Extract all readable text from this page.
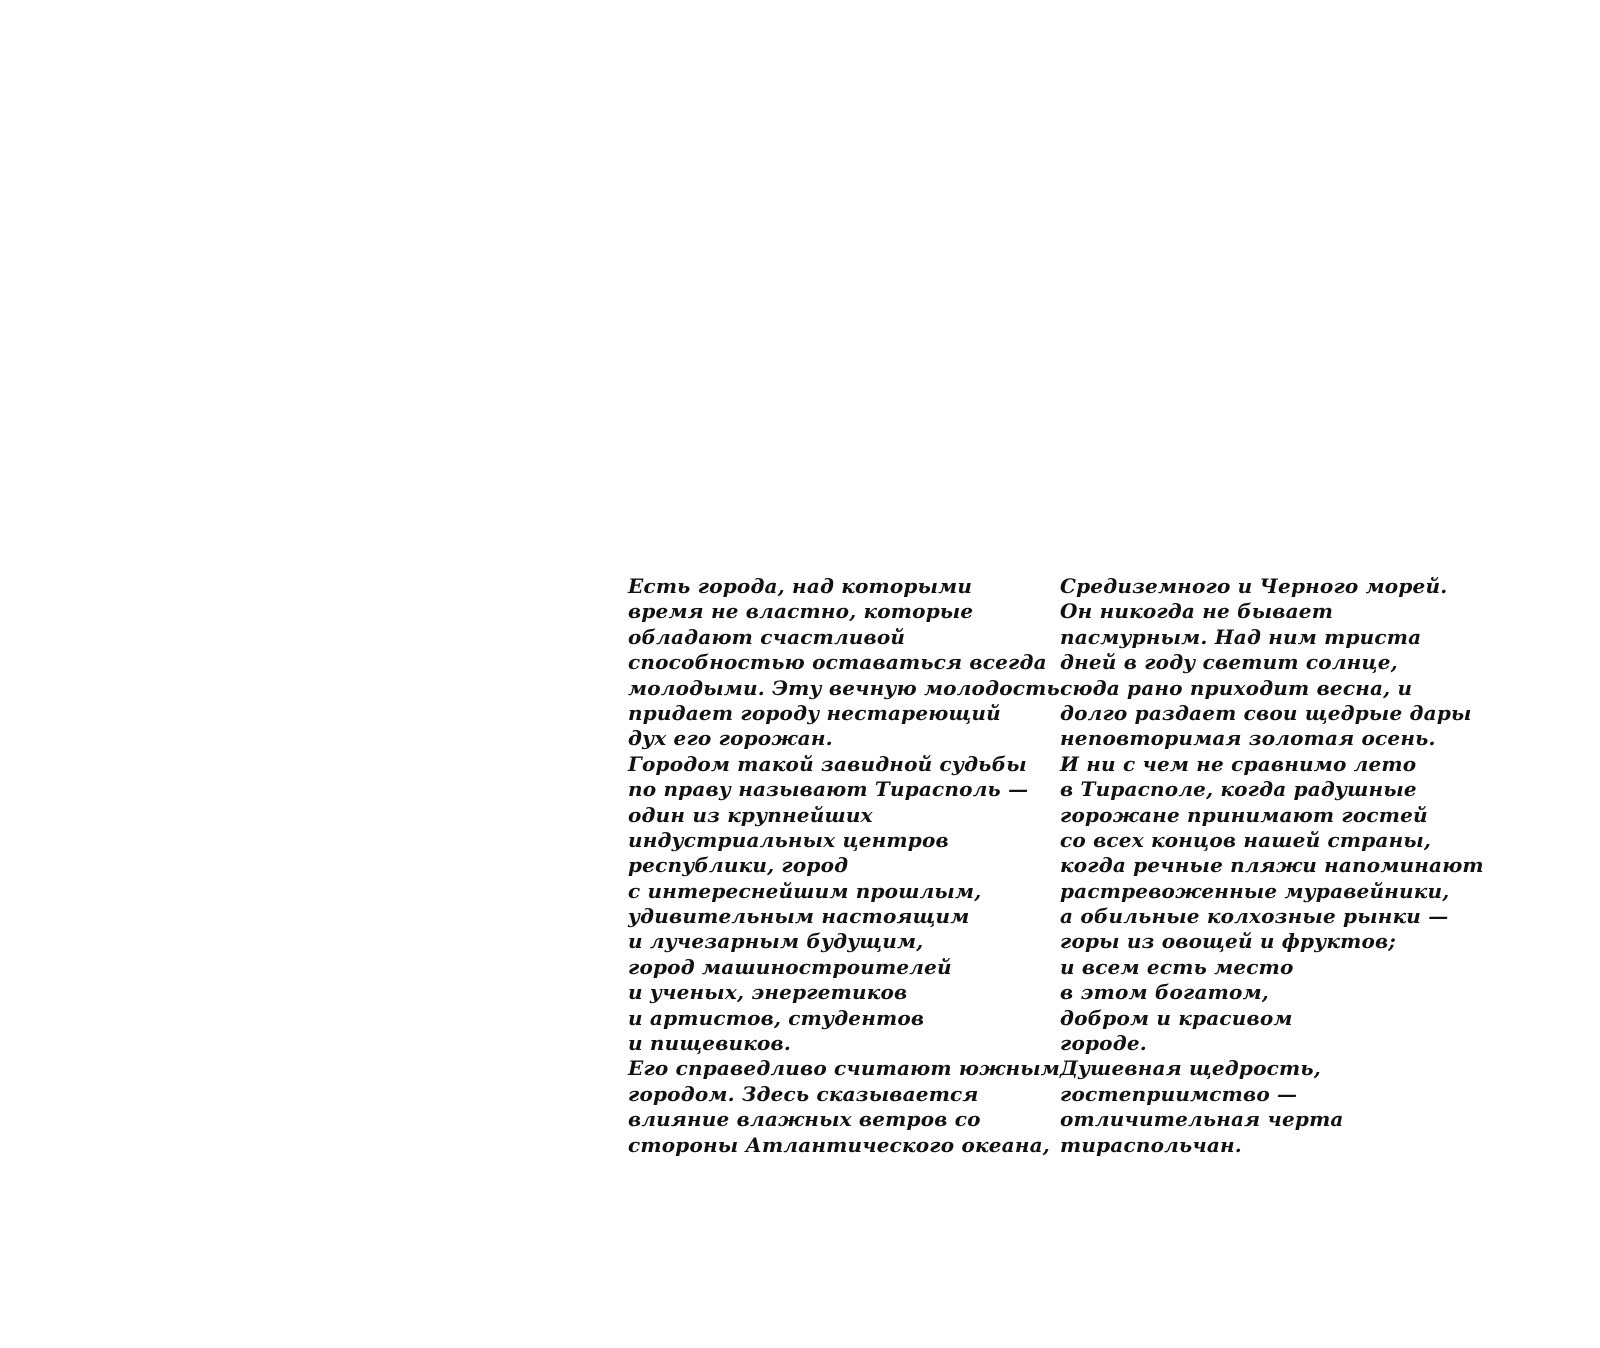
Есть города, над которыми
время не властно, которые
обладают счастливой
способностью оставаться всегда
молодыми. Эту вечную молодость
придает городу нестареющий
дух его горожан.
Городом такой завидной судьбы
по праву называют Тирасполь —
один из крупнейших
индустриальных центров
республики, город
с интереснейшим прошлым,
удивительным настоящим
и лучезарным будущим,
город машиностроителей
и ученых, энергетиков
и артистов, студентов
и пищевиков.
Его справедливо считают южным
городом. Здесь сказывается
влияние влажных ветров со
стороны Атлантического океана,
Средиземного и Черного морей.
Он никогда не бывает
пасмурным. Над ним триста
дней в году светит солнце,
сюда рано приходит весна, и
долго раздает свои щедрые дары
неповторимая золотая осень.
И ни с чем не сравнимо лето
в Тирасполе, когда радушные
горожане принимают гостей
со всех концов нашей страны,
когда речные пляжи напоминают
растревоженные муравейники,
а обильные колхозные рынки —
горы из овощей и фруктов;
и всем есть место
в этом богатом,
добром и красивом
городе.
Душевная щедрость,
гостеприимство —
отличительная черта
тираспольчан.
